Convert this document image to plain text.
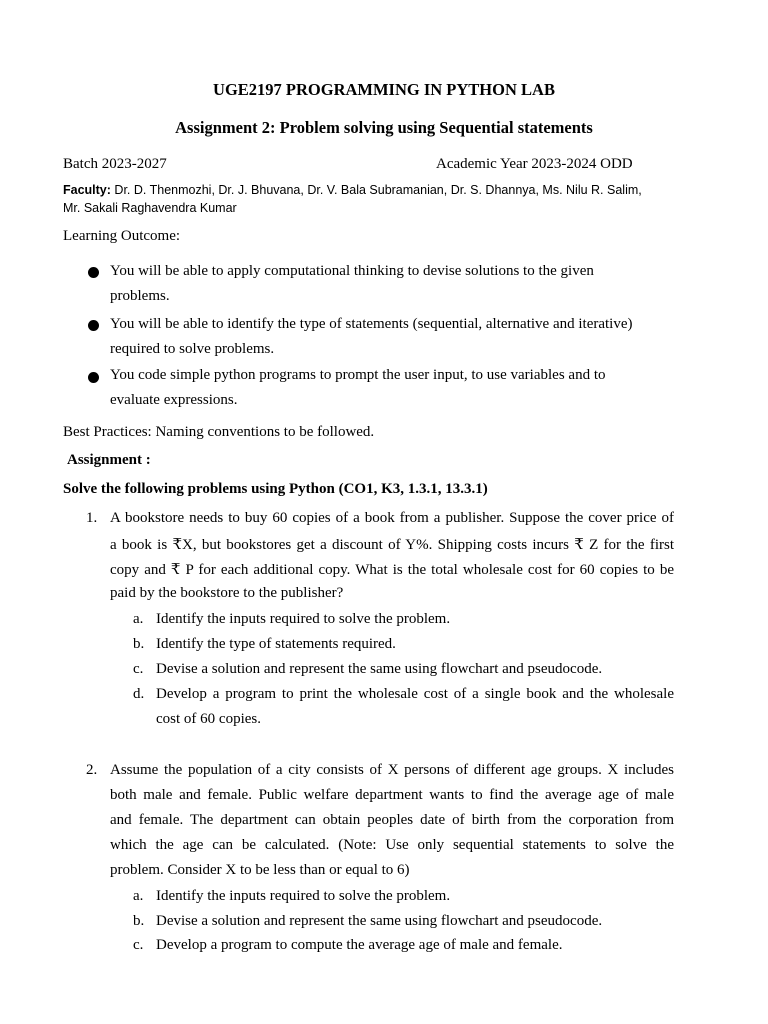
UGE2197 PROGRAMMING IN PYTHON LAB
Assignment 2: Problem solving using Sequential statements
Batch 2023-2027	Academic Year 2023-2024 ODD
Faculty: Dr. D. Thenmozhi, Dr. J. Bhuvana, Dr. V. Bala Subramanian, Dr. S. Dhannya, Ms. Nilu R. Salim,
Mr. Sakali Raghavendra Kumar
Learning Outcome:
You will be able to apply computational thinking to devise solutions to the given
problems.
You will be able to identify the type of statements (sequential, alternative and iterative)
required to solve problems.
You code simple python programs to prompt the user input, to use variables and to
evaluate expressions.
Best Practices: Naming conventions to be followed.
Assignment :
Solve the following problems using Python (CO1, K3, 1.3.1, 13.3.1)
1. A bookstore needs to buy 60 copies of a book from a publisher. Suppose the cover price of
a book is ₹X, but bookstores get a discount of Y%. Shipping costs incurs ₹ Z for the first
copy and ₹ P for each additional copy. What is the total wholesale cost for 60 copies to be
paid by the bookstore to the publisher?
a. Identify the inputs required to solve the problem.
b. Identify the type of statements required.
c. Devise a solution and represent the same using flowchart and pseudocode.
d. Develop a program to print the wholesale cost of a single book and the wholesale
cost of 60 copies.
2. Assume the population of a city consists of X persons of different age groups. X includes
both male and female. Public welfare department wants to find the average age of male
and female. The department can obtain peoples date of birth from the corporation from
which the age can be calculated. (Note: Use only sequential statements to solve the
problem. Consider X to be less than or equal to 6)
a. Identify the inputs required to solve the problem.
b. Devise a solution and represent the same using flowchart and pseudocode.
c. Develop a program to compute the average age of male and female.
